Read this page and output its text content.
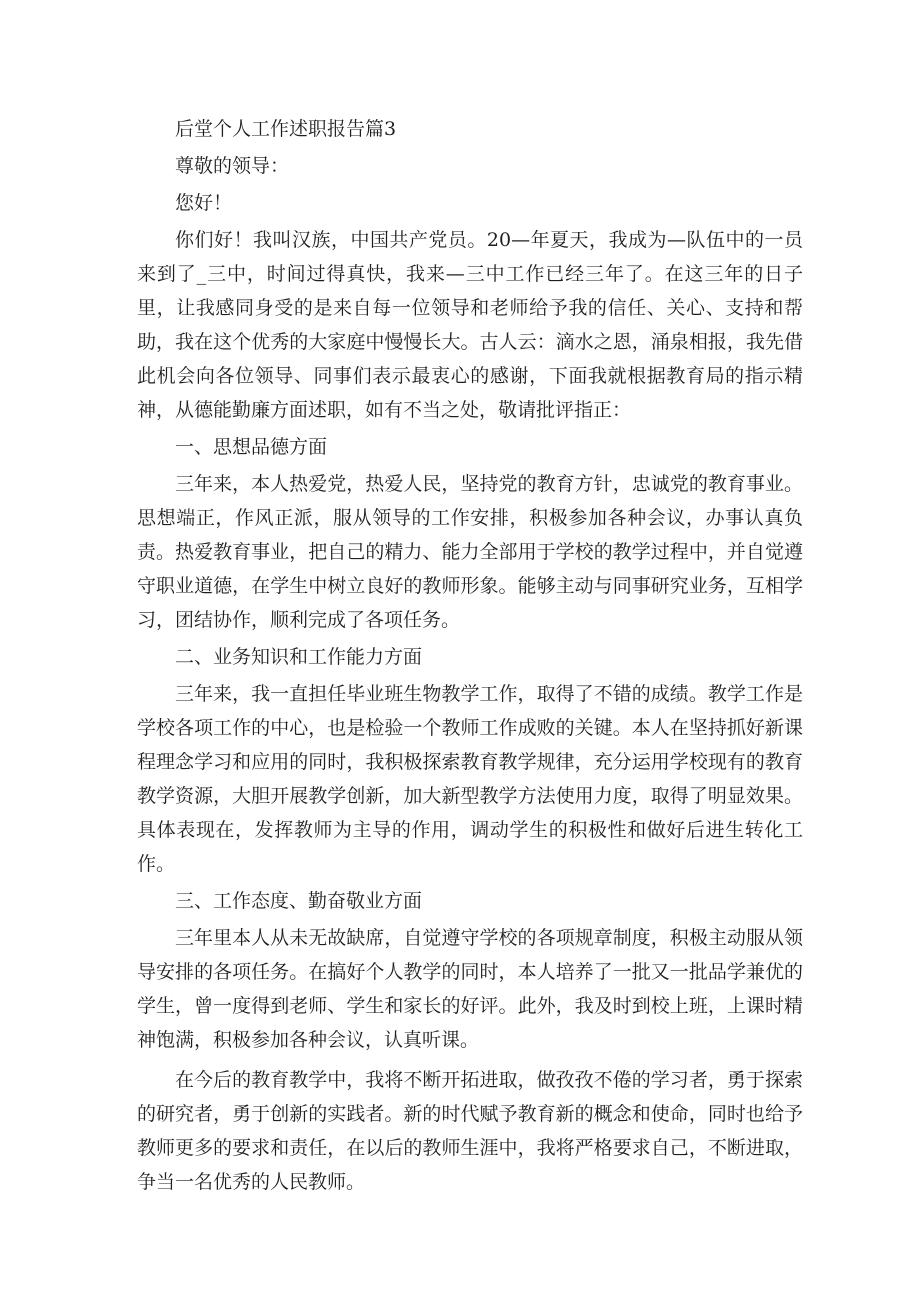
后堂个人工作述职报告篇3

尊敬的领导：

您好！

你们好！我叫汉族，中国共产党员。20—年夏天，我成为—队伍中的一员来到了_三中，时间过得真快，我来—三中工作已经三年了。在这三年的日子里，让我感同身受的是来自每一位领导和老师给予我的信任、关心、支持和帮助，我在这个优秀的大家庭中慢慢长大。古人云：滴水之恩，涌泉相报，我先借此机会向各位领导、同事们表示最衷心的感谢，下面我就根据教育局的指示精神，从德能勤廉方面述职，如有不当之处，敬请批评指正：

一、思想品德方面

三年来，本人热爱党，热爱人民，坚持党的教育方针，忠诚党的教育事业。思想端正，作风正派，服从领导的工作安排，积极参加各种会议，办事认真负责。热爱教育事业，把自己的精力、能力全部用于学校的教学过程中，并自觉遵守职业道德，在学生中树立良好的教师形象。能够主动与同事研究业务，互相学习，团结协作，顺利完成了各项任务。

二、业务知识和工作能力方面

三年来，我一直担任毕业班生物教学工作，取得了不错的成绩。教学工作是学校各项工作的中心，也是检验一个教师工作成败的关键。本人在坚持抓好新课程理念学习和应用的同时，我积极探索教育教学规律，充分运用学校现有的教育教学资源，大胆开展教学创新，加大新型教学方法使用力度，取得了明显效果。具体表现在，发挥教师为主导的作用，调动学生的积极性和做好后进生转化工作。

三、工作态度、勤奋敬业方面

三年里本人从未无故缺席，自觉遵守学校的各项规章制度，积极主动服从领导安排的各项任务。在搞好个人教学的同时，本人培养了一批又一批品学兼优的学生，曾一度得到老师、学生和家长的好评。此外，我及时到校上班，上课时精神饱满，积极参加各种会议，认真听课。

在今后的教育教学中，我将不断开拓进取，做孜孜不倦的学习者，勇于探索的研究者，勇于创新的实践者。新的时代赋予教育新的概念和使命，同时也给予教师更多的要求和责任，在以后的教师生涯中，我将严格要求自己，不断进取，争当一名优秀的人民教师。
